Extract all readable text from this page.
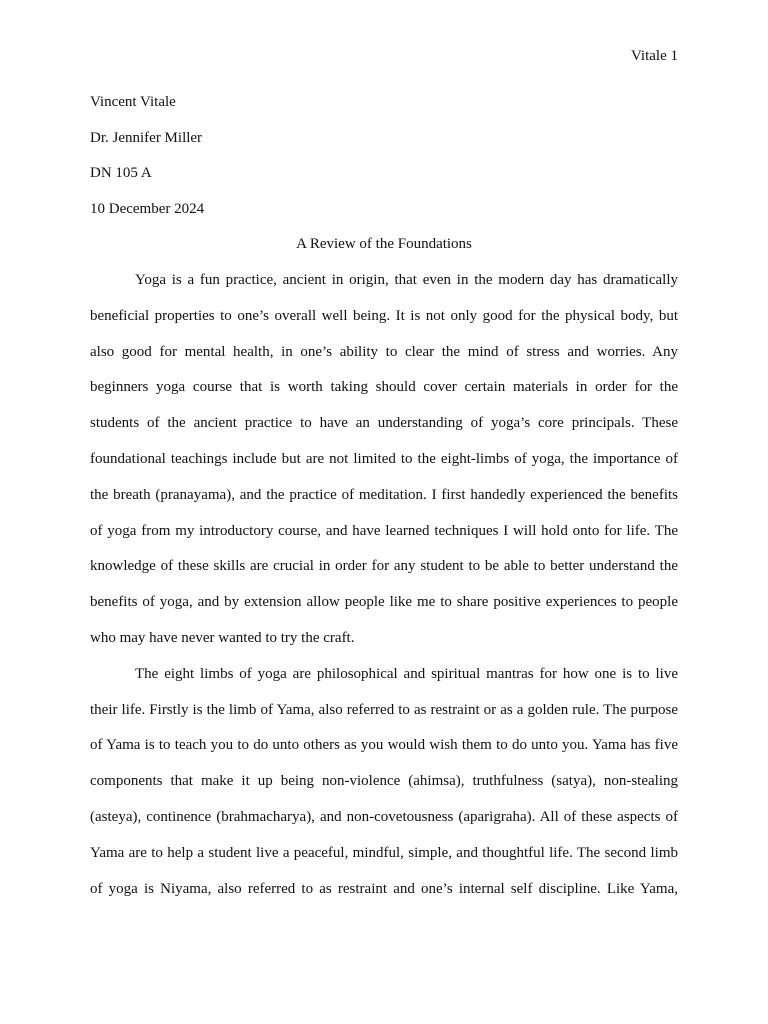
Vitale 1
Vincent Vitale
Dr. Jennifer Miller
DN 105 A
10 December 2024
A Review of the Foundations
Yoga is a fun practice, ancient in origin, that even in the modern day has dramatically
beneficial properties to one’s overall well being. It is not only good for the physical body, but
also good for mental health, in one’s ability to clear the mind of stress and worries. Any
beginners yoga course that is worth taking should cover certain materials in order for the
students of the ancient practice to have an understanding of yoga’s core principals. These
foundational teachings include but are not limited to the eight-limbs of yoga, the importance of
the breath (pranayama), and the practice of meditation. I first handedly experienced the benefits
of yoga from my introductory course, and have learned techniques I will hold onto for life. The
knowledge of these skills are crucial in order for any student to be able to better understand the
benefits of yoga, and by extension allow people like me to share positive experiences to people
who may have never wanted to try the craft.
The eight limbs of yoga are philosophical and spiritual mantras for how one is to live
their life. Firstly is the limb of Yama, also referred to as restraint or as a golden rule. The purpose
of Yama is to teach you to do unto others as you would wish them to do unto you. Yama has five
components that make it up being non-violence (ahimsa), truthfulness (satya), non-stealing
(asteya), continence (brahmacharya), and non-covetousness (aparigraha). All of these aspects of
Yama are to help a student live a peaceful, mindful, simple, and thoughtful life. The second limb
of yoga is Niyama, also referred to as restraint and one’s internal self discipline. Like Yama,
